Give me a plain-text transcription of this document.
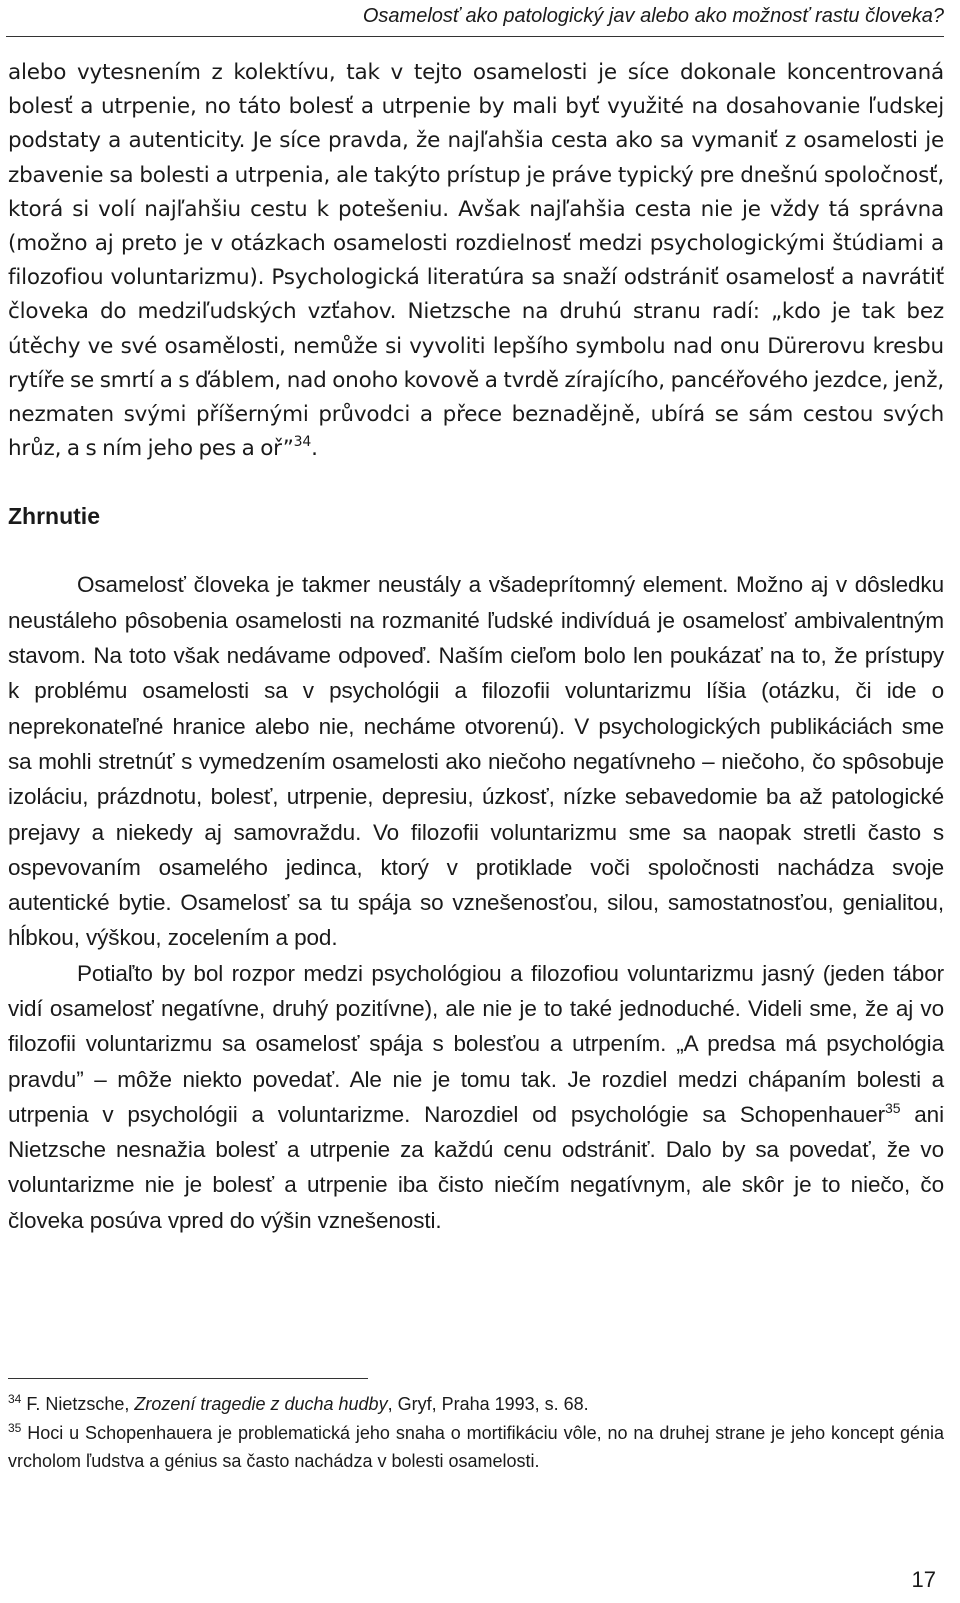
Osamelosť ako patologický jav alebo ako možnosť rastu človeka?

alebo vytesnením z kolektívu, tak v tejto osamelosti je síce dokonale koncentrovaná bolesť a utrpenie, no táto bolesť a utrpenie by mali byť využité na dosahovanie ľudskej podstaty a autenticity. Je síce pravda, že najľahšia cesta ako sa vymaniť z osamelosti je zbavenie sa bolesti a utrpenia, ale takýto prístup je práve typický pre dnešnú spoločnosť, ktorá si volí najľahšiu cestu k potešeniu. Avšak najľahšia cesta nie je vždy tá správna (možno aj preto je v otázkach osamelosti rozdielnosť medzi psychologickými štúdiami a filozofiou voluntarizmu). Psychologická literatúra sa snaží odstrániť osamelosť a navrátiť človeka do medziľudských vzťahov. Nietzsche na druhú stranu radí: „kdo je tak bez útěchy ve své osamělosti, nemůže si vyvoliti lepšího symbolu nad onu Dürerovu kresbu rytíře se smrtí a s ďáblem, nad onoho kovově a tvrdě zírajícího, pancéřového jezdce, jenž, nezmaten svými příšernými průvodci a přece beznadějně, ubírá se sám cestou svých hrůz, a s ním jeho pes a oř”$^{34}$.

Zhrnutie

Osamelosť človeka je takmer neustály a všadeprítomný element. Možno aj v dôsledku neustáleho pôsobenia osamelosti na rozmanité ľudské indivíduá je osamelosť ambivalentným stavom. Na toto však nedávame odpoveď. Naším cieľom bolo len poukázať na to, že prístupy k problému osamelosti sa v psychológii a filozofii voluntarizmu líšia (otázku, či ide o neprekonateľné hranice alebo nie, necháme otvorenú). V psychologických publikáciách sme sa mohli stretnúť s vymedzením osamelosti ako niečoho negatívneho – niečoho, čo spôsobuje izoláciu, prázdnotu, bolesť, utrpenie, depresiu, úzkosť, nízke sebavedomie ba až patologické prejavy a niekedy aj samovraždu. Vo filozofii voluntarizmu sme sa naopak stretli často s ospevovaním osamelého jedinca, ktorý v protiklade voči spoločnosti nachádza svoje autentické bytie. Osamelosť sa tu spája so vznešenosťou, silou, samostatnosťou, genialitou, hĺbkou, výškou, zocelením a pod.

Potiaľto by bol rozpor medzi psychológiou a filozofiou voluntarizmu jasný (jeden tábor vidí osamelosť negatívne, druhý pozitívne), ale nie je to také jednoduché. Videli sme, že aj vo filozofii voluntarizmu sa osamelosť spája s bolesťou a utrpením. „A predsa má psychológia pravdu” – môže niekto povedať. Ale nie je tomu tak. Je rozdiel medzi chápaním bolesti a utrpenia v psychológii a voluntarizme. Narozdiel od psychológie sa Schopenhauer$^{35}$ ani Nietzsche nesnažia bolesť a utrpenie za každú cenu odstrániť. Dalo by sa povedať, že vo voluntarizme nie je bolesť a utrpenie iba čisto niečím negatívnym, ale skôr je to niečo, čo človeka posúva vpred do výšin vznešenosti.

$^{34}$ F. Nietzsche, Zrození tragedie z ducha hudby, Gryf, Praha 1993, s. 68.

$^{35}$ Hoci u Schopenhauera je problematická jeho snaha o mortifikáciu vôle, no na druhej strane je jeho koncept génia vrcholom ľudstva a génius sa často nachádza v bolesti osamelosti.

17
